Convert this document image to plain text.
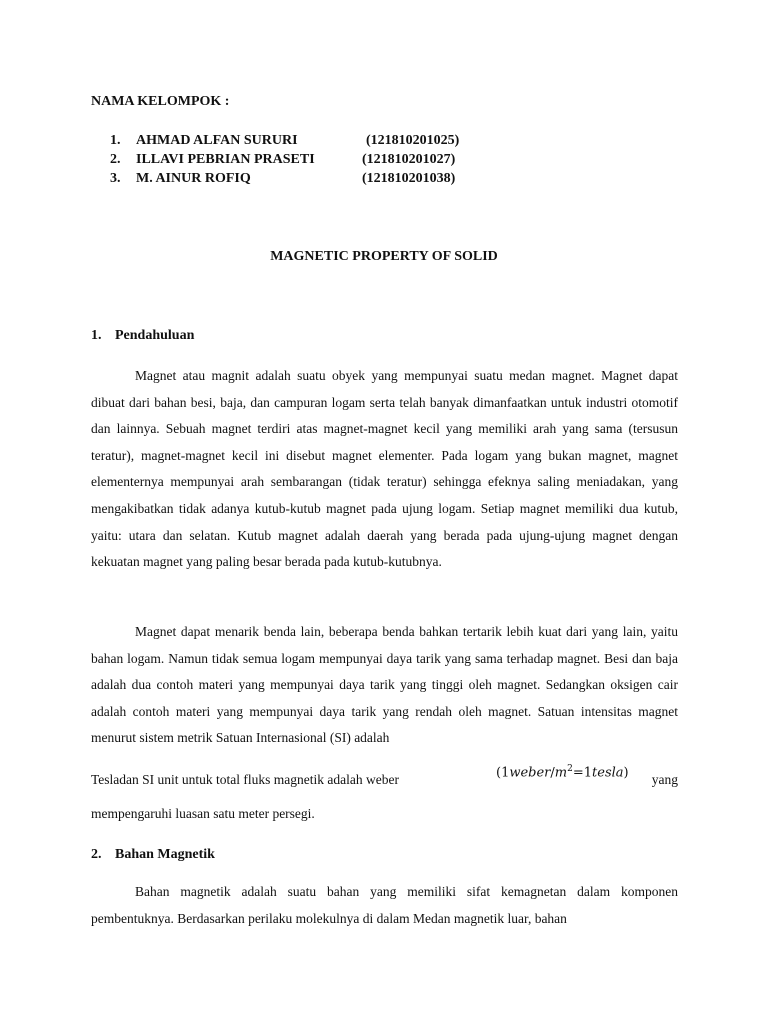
NAMA KELOMPOK :
1. AHMAD ALFAN SURURI	(121810201025)
2. ILLAVI PEBRIAN PRASETI	(121810201027)
3. M. AINUR ROFIQ	(121810201038)
MAGNETIC PROPERTY OF SOLID
1. Pendahuluan

Magnet atau magnit adalah suatu obyek yang mempunyai suatu medan magnet. Magnet dapat dibuat dari bahan besi, baja, dan campuran logam serta telah banyak dimanfaatkan untuk industri otomotif dan lainnya. Sebuah magnet terdiri atas magnet-magnet kecil yang memiliki arah yang sama (tersusun teratur), magnet-magnet kecil ini disebut magnet elementer. Pada logam yang bukan magnet, magnet elementernya mempunyai arah sembarangan (tidak teratur) sehingga efeknya saling meniadakan, yang mengakibatkan tidak adanya kutub-kutub magnet pada ujung logam. Setiap magnet memiliki dua kutub, yaitu: utara dan selatan. Kutub magnet adalah daerah yang berada pada ujung-ujung magnet dengan kekuatan magnet yang paling besar berada pada kutub-kutubnya.

Magnet dapat menarik benda lain, beberapa benda bahkan tertarik lebih kuat dari yang lain, yaitu bahan logam. Namun tidak semua logam mempunyai daya tarik yang sama terhadap magnet. Besi dan baja adalah dua contoh materi yang mempunyai daya tarik yang tinggi oleh magnet. Sedangkan oksigen cair adalah contoh materi yang mempunyai daya tarik yang rendah oleh magnet. Satuan intensitas magnet menurut sistem metrik Satuan Internasional (SI) adalah

Tesladan SI unit untuk total fluks magnetik adalah weber	$(1weber/m^2=1tesla)$ yang
mempengaruhi luasan satu meter persegi.
2. Bahan Magnetik

Bahan magnetik adalah suatu bahan yang memiliki sifat kemagnetan dalam komponen pembentuknya. Berdasarkan perilaku molekulnya di dalam Medan magnetik luar, bahan
